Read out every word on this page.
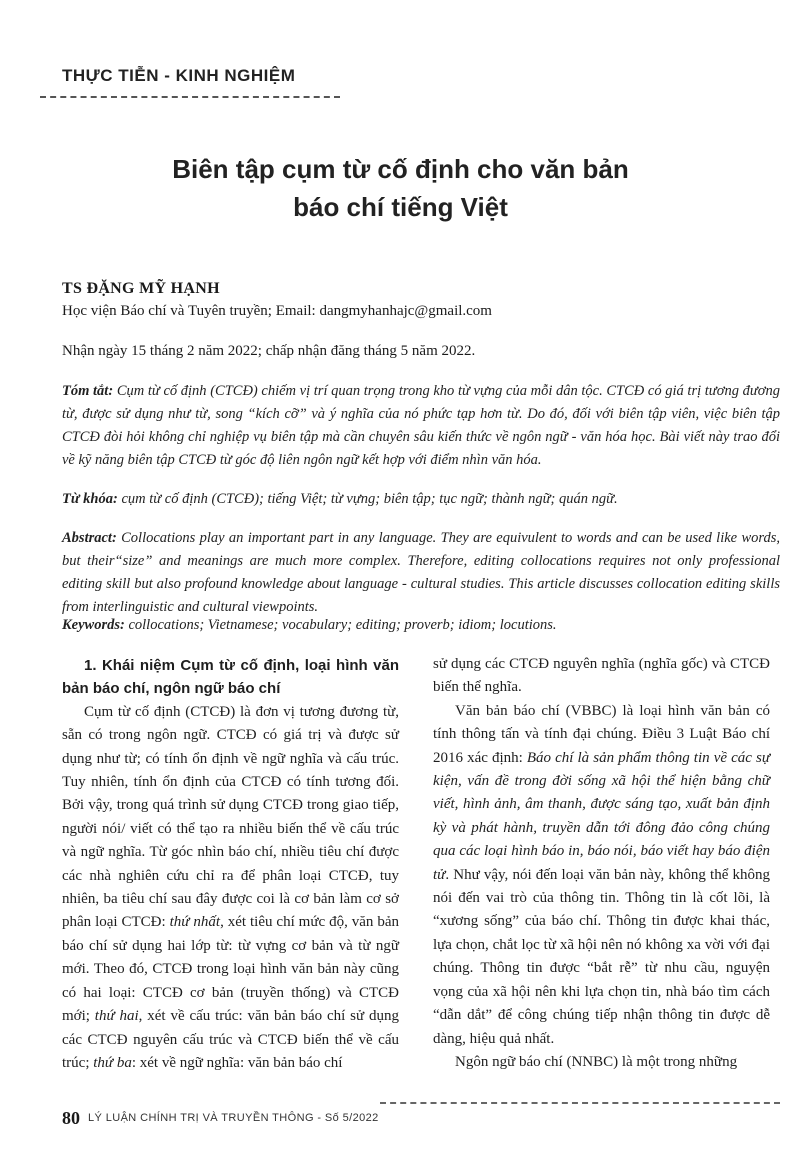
THỰC TIỄN - KINH NGHIỆM
Biên tập cụm từ cố định cho văn bản
báo chí tiếng Việt
TS ĐẶNG MỸ HẠNH
Học viện Báo chí và Tuyên truyền; Email: dangmyhanhajc@gmail.com
Nhận ngày 15 tháng 2 năm 2022; chấp nhận đăng tháng 5 năm 2022.
Tóm tắt: Cụm từ cố định (CTCĐ) chiếm vị trí quan trọng trong kho từ vựng của mỗi dân tộc. CTCĐ có giá trị tương đương từ, được sử dụng như từ, song “kích cỡ” và ý nghĩa của nó phức tạp hơn từ. Do đó, đối với biên tập viên, việc biên tập CTCĐ đòi hỏi không chỉ nghiệp vụ biên tập mà cần chuyên sâu kiến thức về ngôn ngữ - văn hóa học. Bài viết này trao đổi về kỹ năng biên tập CTCĐ từ góc độ liên ngôn ngữ kết hợp với điểm nhìn văn hóa.
Từ khóa: cụm từ cố định (CTCĐ); tiếng Việt; từ vựng; biên tập; tục ngữ; thành ngữ; quán ngữ.
Abstract: Collocations play an important part in any language. They are equivulent to words and can be used like words, but their“size” and meanings are much more complex. Therefore, editing collocations requires not only professional editing skill but also profound knowledge about language - cultural studies. This article discusses collocation editing skills from interlinguistic and cultural viewpoints.
Keywords: collocations; Vietnamese; vocabulary; editing; proverb; idiom; locutions.

1. Khái niệm Cụm từ cố định, loại hình văn bản báo chí, ngôn ngữ báo chí

Cụm từ cố định (CTCĐ) là đơn vị tương đương từ, sẵn có trong ngôn ngữ. CTCĐ có giá trị và được sử dụng như từ; có tính ổn định về ngữ nghĩa và cấu trúc. Tuy nhiên, tính ổn định của CTCĐ có tính tương đối. Bởi vậy, trong quá trình sử dụng CTCĐ trong giao tiếp, người nói/ viết có thể tạo ra nhiều biến thể về cấu trúc và ngữ nghĩa. Từ góc nhìn báo chí, nhiều tiêu chí được các nhà nghiên cứu chỉ ra để phân loại CTCĐ, tuy nhiên, ba tiêu chí sau đây được coi là cơ bản làm cơ sở phân loại CTCĐ: thứ nhất, xét tiêu chí mức độ, văn bản báo chí sử dụng hai lớp từ: từ vựng cơ bản và từ ngữ mới. Theo đó, CTCĐ trong loại hình văn bản này cũng có hai loại: CTCĐ cơ bản (truyền thống) và CTCĐ mới; thứ hai, xét về cấu trúc: văn bản báo chí sử dụng các CTCĐ nguyên cấu trúc và CTCĐ biến thể về cấu trúc; thứ ba: xét về ngữ nghĩa: văn bản báo chí

sử dụng các CTCĐ nguyên nghĩa (nghĩa gốc) và CTCĐ biến thể nghĩa.

Văn bản báo chí (VBBC) là loại hình văn bản có tính thông tấn và tính đại chúng. Điều 3 Luật Báo chí 2016 xác định: Báo chí là sản phẩm thông tin về các sự kiện, vấn đề trong đời sống xã hội thể hiện bằng chữ viết, hình ảnh, âm thanh, được sáng tạo, xuất bản định kỳ và phát hành, truyền dẫn tới đông đảo công chúng qua các loại hình báo in, báo nói, báo viết hay báo điện tử. Như vậy, nói đến loại văn bản này, không thể không nói đến vai trò của thông tin. Thông tin là cốt lõi, là “xương sống” của báo chí. Thông tin được khai thác, lựa chọn, chắt lọc từ xã hội nên nó không xa vời với đại chúng. Thông tin được “bắt rễ” từ nhu cầu, nguyện vọng của xã hội nên khi lựa chọn tin, nhà báo tìm cách “dẫn dắt” để công chúng tiếp nhận thông tin được dễ dàng, hiệu quả nhất.

Ngôn ngữ báo chí (NNBC) là một trong những

80 LÝ LUẬN CHÍNH TRỊ VÀ TRUYỀN THÔNG - Số 5/2022
